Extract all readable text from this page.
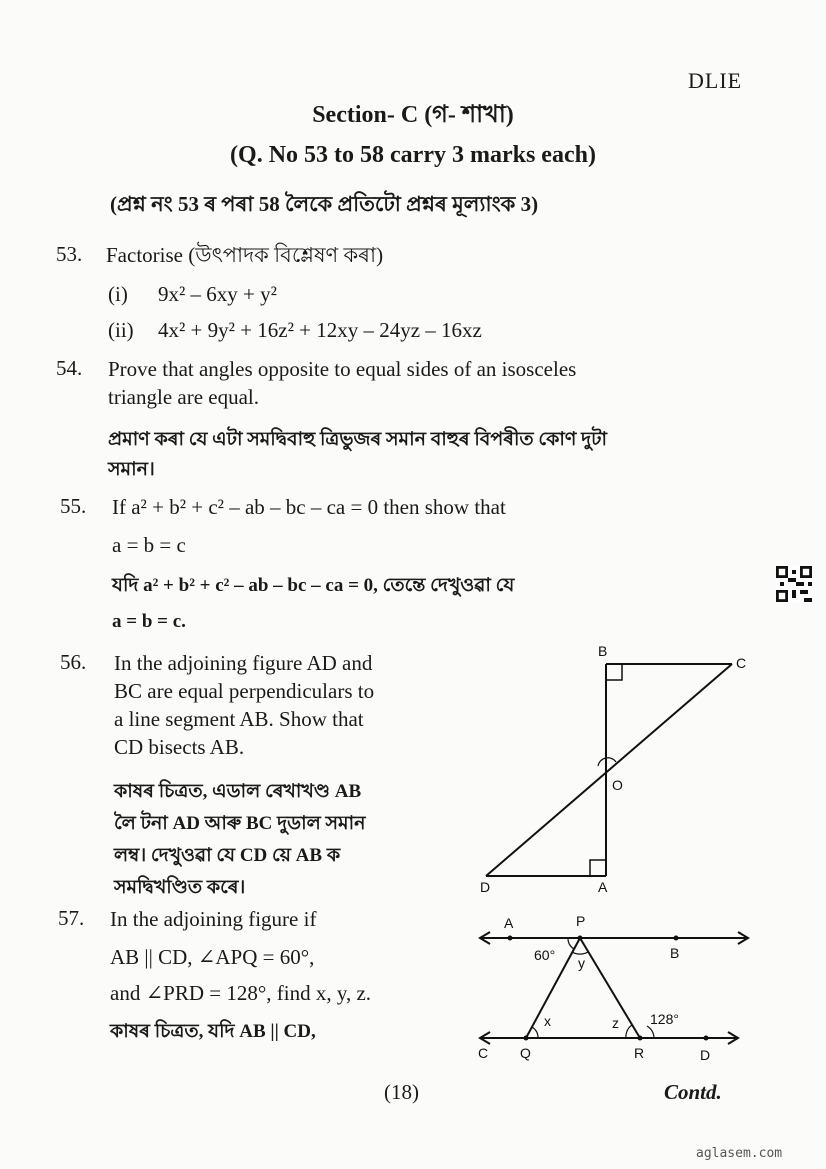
DLIE
Section- C (গ- শাখা)
(Q. No 53 to 58 carry 3 marks each)
(প্ৰশ্ন নং 53 ৰ পৰা 58 লৈকে প্ৰতিটো প্ৰশ্নৰ মূল্যাংক 3)
53. Factorise (উৎপাদক বিশ্লেষণ কৰা)
(i) 9x² – 6xy + y²
(ii) 4x² + 9y² + 16z² + 12xy – 24yz – 16xz
54. Prove that angles opposite to equal sides of an isosceles
triangle are equal.
প্ৰমাণ কৰা যে এটা সমদ্বিবাহু ত্ৰিভুজৰ সমান বাহুৰ বিপৰীত কোণ দুটা
সমান।
55. If a² + b² + c² – ab – bc – ca = 0 then show that
a = b = c
যদি a² + b² + c² – ab – bc – ca = 0, তেন্তে দেখুওৱা যে
a = b = c.
56. In the adjoining figure AD and
BC are equal perpendiculars to
a line segment AB. Show that
CD bisects AB.
কাষৰ চিত্ৰত, এডাল ৰেখাখণ্ড AB
লৈ টনা AD আৰু BC দুডাল সমান
লম্ব। দেখুওৱা যে CD য়ে AB ক
সমদ্বিখণ্ডিত কৰে।
B
C
O
D	A
57. In the adjoining figure if
AB || CD, ∠APQ = 60°,
and ∠PRD = 128°, find x, y, z.
কাষৰ চিত্ৰত, যদি AB || CD,
A	P
B
C Q	R	D
60° y
x	z 128°
(18)	Contd.
aglasem.com
